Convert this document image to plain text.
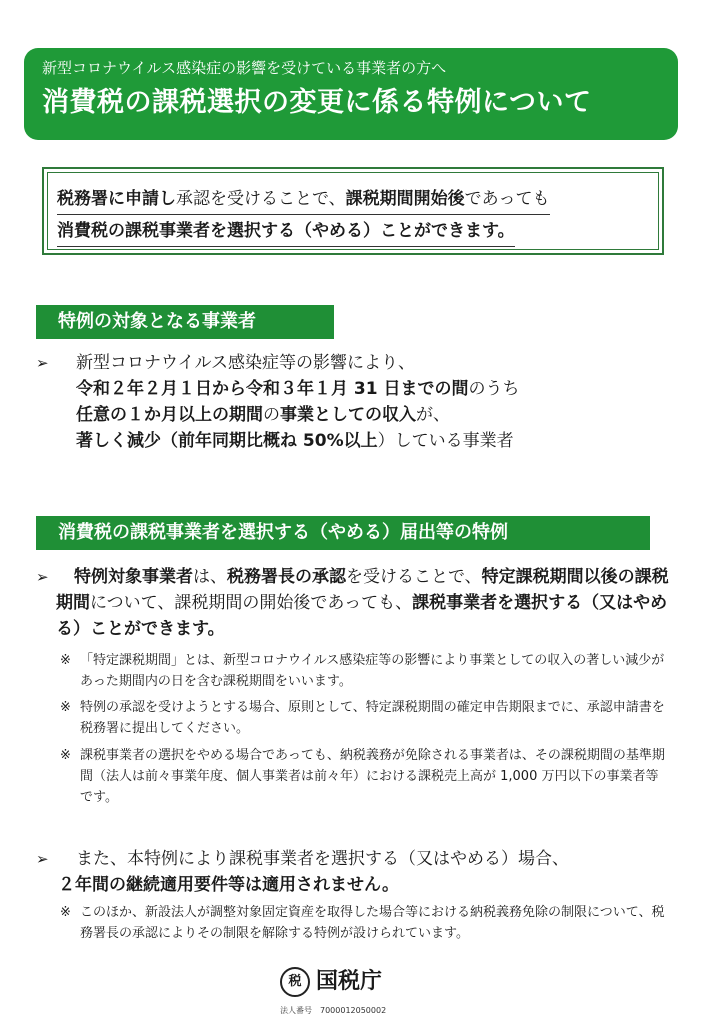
新型コロナウイルス感染症の影響を受けている事業者の方へ
消費税の課税選択の変更に係る特例について
税務署に申請し承認を受けることで、課税期間開始後であっても
消費税の課税事業者を選択する（やめる）ことができます。
特例の対象となる事業者
➢ 新型コロナウイルス感染症等の影響により、
令和２年２月１日から令和３年１月 31 日までの間のうち
任意の１か月以上の期間の事業としての収入が、
著しく減少（前年同期比概ね 50%以上）している事業者
消費税の課税事業者を選択する（やめる）届出等の特例
➢	特例対象事業者は、税務署長の承認を受けることで、特定課税期間以後の課税期間について、課税期間の開始後であっても、課税事業者を選択する（又はやめる）ことができます。
※ 「特定課税期間」とは、新型コロナウイルス感染症等の影響により事業としての収入の著しい減少があった期間内の日を含む課税期間をいいます。
※ 特例の承認を受けようとする場合、原則として、特定課税期間の確定申告期限までに、承認申請書を税務署に提出してください。
※ 課税事業者の選択をやめる場合であっても、納税義務が免除される事業者は、その課税期間の基準期間（法人は前々事業年度、個人事業者は前々年）における課税売上高が 1,000 万円以下の事業者等です。
➢	また、本特例により課税事業者を選択する（又はやめる）場合、
２年間の継続適用要件等は適用されません。
※ このほか、新設法人が調整対象固定資産を取得した場合等における納税義務免除の制限について、税務署長の承認によりその制限を解除する特例が設けられています。
税 国税庁
法人番号 7000012050002
